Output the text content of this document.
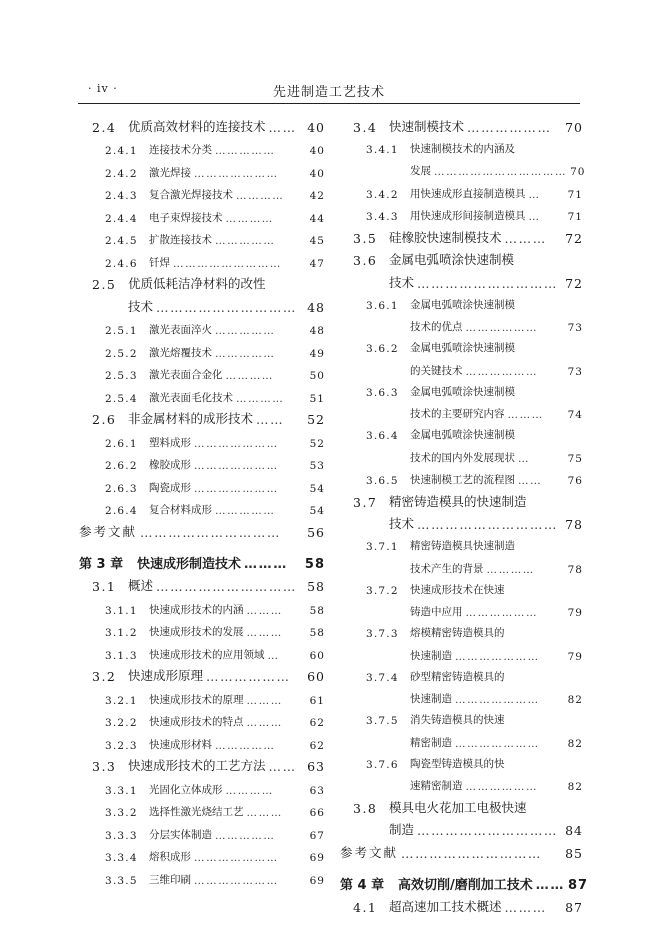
· iv ·	先进制造工艺技术
2.4 优质高效材料的连接技术 …… 40
2.4.1	连接技术分类 ……………	40
2.4.2	激光焊接 …………………	40
2.4.3	复合激光焊接技术 …………	42
2.4.4	电子束焊接技术 …………	44
2.4.5	扩散连接技术 ……………	45
2.4.6	钎焊 ………………………	47
2.5 优质低耗洁净材料的改性
技术 ………………………… 48
2.5.1	激光表面淬火 ……………	48
2.5.2	激光熔覆技术 ……………	49
2.5.3	激光表面合金化 …………	50
2.5.4	激光表面毛化技术 …………	51
2.6 非金属材料的成形技术 ……	52
2.6.1	塑料成形 …………………	52
2.6.2	橡胶成形 …………………	53
2.6.3	陶瓷成形 …………………	54
2.6.4	复合材料成形 ……………	54
参考文献 …………………………	56
第 3 章	快速成形制造技术 ………	58
3.1 概述 ………………………… 58
3.1.1	快速成形技术的内涵 ………	58
3.1.2	快速成形技术的发展 ………	58
3.1.3	快速成形技术的应用领域 …	60
3.2 快速成形原理 ………………	60
3.2.1	快速成形技术的原理 ………	61
3.2.2	快速成形技术的特点 ………	62
3.2.3	快速成形材料 ……………	62
3.3 快速成形技术的工艺方法 …… 63
3.3.1	光固化立体成形 …………	63
3.3.2	选择性激光烧结工艺 ………	66
3.3.3	分层实体制造 ……………	67
3.3.4	熔积成形 …………………	69
3.3.5	三维印刷 …………………	69
3.4 快速制模技术 ………………	70
3.4.1	快速制模技术的内涵及
发展 …………………………… 70
3.4.2	用快速成形直接制造模具 …	71
3.4.3	用快速成形间接制造模具 …	71
3.5 硅橡胶快速制模技术 ………	72
3.6 金属电弧喷涂快速制模
技术 ………………………… 72
3.6.1	金属电弧喷涂快速制模
技术的优点 ………………	73
3.6.2	金属电弧喷涂快速制模
的关键技术 ………………	73
3.6.3	金属电弧喷涂快速制模
技术的主要研究内容 ………	74
3.6.4	金属电弧喷涂快速制模
技术的国内外发展现状 …	75
3.6.5	快速制模工艺的流程图 ……	76
3.7 精密铸造模具的快速制造
技术 ………………………… 78
3.7.1	精密铸造模具快速制造
技术产生的背景 …………	78
3.7.2	快速成形技术在快速
铸造中应用 ………………	79
3.7.3	熔模精密铸造模具的
快速制造 …………………	79
3.7.4	砂型精密铸造模具的
快速制造 …………………	82
3.7.5	消失铸造模具的快速
精密制造 …………………	82
3.7.6	陶瓷型铸造模具的快
速精密制造 ………………	82
3.8 模具电火花加工电极快速
制造 ………………………… 84
参考文献 …………………………	85
第 4 章	高效切削/磨削加工技术 …… 87
4.1 超高速加工技术概述 ………	87
